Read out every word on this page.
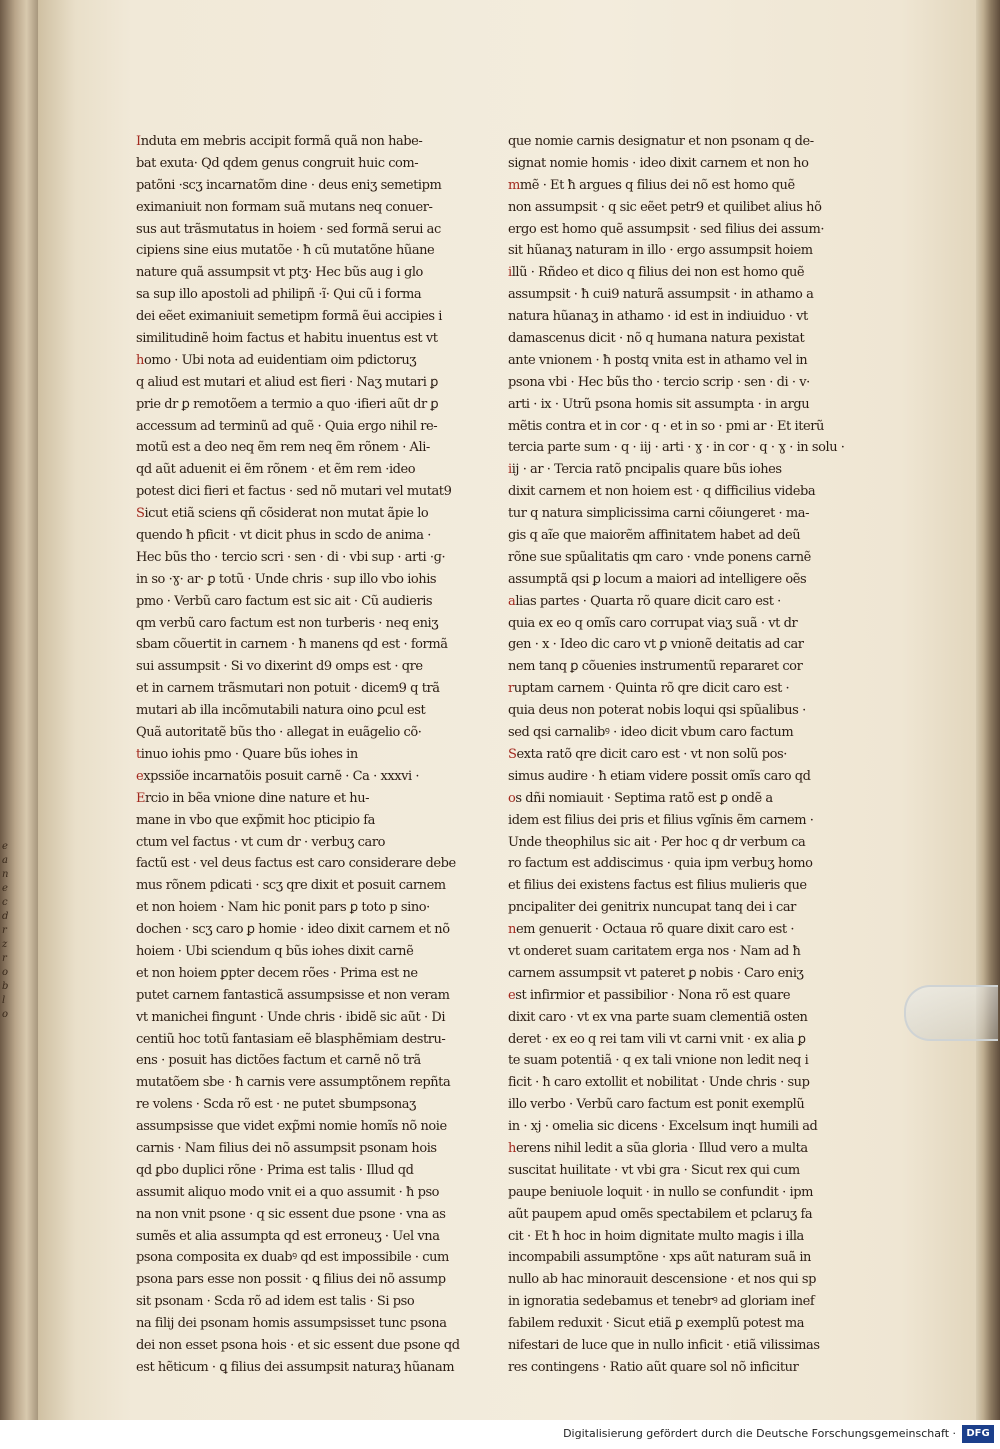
e
a
n
e
c
d
r
z
r
o
b
l
o
Induta em mebris accipit formã quã non habe-
bat exuta· Qd qdem genus congruit huic com-
patõni ·scʒ incarnatõm dine · deus eniʒ semetipm
eximaniuit non formam suã mutans neq conuer-
sus aut trãsmutatus in hoiem · sed formã serui ac
cipiens sine eius mutatõe · ħ cũ mutatõne hũane
nature quã assumpsit vt ptʒ· Hec bũs aug i glo
sa sup illo apostoli ad philipñ ·ĩ· Qui cũ i forma
dei eẽet eximaniuit semetipm formã ẽui accipies i
similitudinẽ hoim factus et habitu inuentus est vt
homo · Ubi nota ad euidentiam oim pdictoruʒ
q aliud est mutari et aliud est fieri · Naʒ mutari ꝑ
prie dr ꝑ remotõem a termio a quo ·ifieri aũt dr ꝑ
accessum ad terminũ ad quẽ · Quia ergo nihil re-
motũ est a deo neq ẽm rem neq ẽm rõnem · Ali-
qd aũt aduenit ei ẽm rõnem · et ẽm rem ·ideo
potest dici fieri et factus · sed nõ mutari vel mutat9
Sicut etiã sciens qñ cõsiderat non mutat ãpie lo
quendo ħ pficit · vt dicit phus in scdo de anima ·
Hec bũs tho · tercio scri · sen · di · vbi sup · arti ·ɡ·
in so ·ɣ· ar· ꝑ totũ · Unde chris · sup illo vbo iohis
pmo · Verbũ caro factum est sic ait · Cũ audieris
qm verbũ caro factum est non turberis · neq eniʒ
sbam cõuertit in carnem · ħ manens qd est · formã
sui assumpsit · Si vo dixerint d9 omps est · qre
et in carnem trãsmutari non potuit · dicem9 q trã
mutari ab illa incõmutabili natura oino ꝑcul est
Quã autoritatẽ bũs tho · allegat in euãgelio cõ·
tinuo iohis pmo · Quare bũs iohes in
expssiõe incarnatõis posuit carnẽ · Ca · xxxvi ·
Ercio in bẽa vnione dine nature et hu-
mane in vbo que exp̃mit hoc pticipio fa
ctum vel factus · vt cum dr · verbuʒ caro
factũ est · vel deus factus est caro considerare debe
mus rõnem pdicati · scʒ qre dixit et posuit carnem
et non hoiem · Nam hic ponit pars ꝑ toto p sino·
dochen · scʒ caro ꝑ homie · ideo dixit carnem et nõ
hoiem · Ubi sciendum q bũs iohes dixit carnẽ
et non hoiem ꝑpter decem rões · Prima est ne
putet carnem fantasticã assumpsisse et non veram
vt manichei fingunt · Unde chris · ibidẽ sic aũt · Di
centiũ hoc totũ fantasiam eẽ blasphẽmiam destru-
ens · posuit has dictões factum et carnẽ nõ trã
mutatõem sbe · ħ carnis vere assumptõnem repñta
re volens · Scda rõ est · ne putet sbumpsonaʒ
assumpsisse que videt exp̃mi nomie homĩs nõ noie
carnis · Nam filius dei nõ assumpsit psonam hois
qd ꝑbo duplici rõne · Prima est talis · Illud qd
assumit aliquo modo vnit ei a quo assumit · ħ pso
na non vnit psone · q sic essent due psone · vna as
sumẽs et alia assumpta qd est erroneuʒ · Uel vna
psona composita ex duabꝰ qd est impossibile · cum
psona pars esse non possit · ꝗ filius dei nõ assump
sit psonam · Scda rõ ad idem est talis · Si pso
na filij dei psonam homis assumpsisset tunc psona
dei non esset psona hois · et sic essent due psone qd
est hẽticum · ꝗ filius dei assumpsit naturaʒ hũanam
que nomie carnis designatur et non psonam q de-
signat nomie homis · ideo dixit carnem et non ho
mmẽ · Et ħ argues q filius dei nõ est homo quẽ
non assumpsit · q sic eẽet petr9 et quilibet alius hõ
ergo est homo quẽ assumpsit · sed filius dei assum·
sit hũanaʒ naturam in illo · ergo assumpsit hoiem
illũ · Rñdeo et dico q filius dei non est homo quẽ
assumpsit · ħ cui9 naturã assumpsit · in athamo a
natura hũanaʒ in athamo · id est in indiuiduo · vt
damascenus dicit · nõ q humana natura pexistat
ante vnionem · ħ postq vnita est in athamo vel in
psona vbi · Hec bũs tho · tercio scrip · sen · di · v·
arti · ix · Utrũ psona homis sit assumpta · in argu
mẽtis contra et in cor · q · et in so · pmi ar · Et iterũ
tercia parte sum · q · iij · arti · ɣ · in cor · q · ɣ · in solu ·
iij · ar · Tercia ratõ pncipalis quare bũs iohes
dixit carnem et non hoiem est · q difficilius videba
tur q natura simplicissima carni cõiungeret · ma-
gis q aĩe que maiorẽm affinitatem habet ad deũ
rõne sue spũalitatis qm caro · vnde ponens carnẽ
assumptã qsi ꝑ locum a maiori ad intelligere oẽs
alias partes · Quarta rõ quare dicit caro est ·
quia ex eo q omĩs caro corrupat viaʒ suã · vt dr
gen · x · Ideo dic caro vt ꝑ vnionẽ deitatis ad car
nem tanq ꝑ cõuenies instrumentũ repararet cor
ruptam carnem · Quinta rõ qre dicit caro est ·
quia deus non poterat nobis loqui qsi spũalibus ·
sed qsi carnalibꝰ · ideo dicit vbum caro factum
Sexta ratõ qre dicit caro est · vt non solũ pos·
simus audire · ħ etiam videre possit omĩs caro qd
os dñi nomiauit · Septima ratõ est ꝑ ondẽ a
idem est filius dei pris et filius vgĩnis ẽm carnem ·
Unde theophilus sic ait · Per hoc q dr verbum ca
ro factum est addiscimus · quia ipm verbuʒ homo
et filius dei existens factus est filius mulieris que
pncipaliter dei genitrix nuncupat tanq dei i car
nem genuerit · Octaua rõ quare dixit caro est ·
vt onderet suam caritatem erga nos · Nam ad ħ
carnem assumpsit vt pateret ꝑ nobis · Caro eniʒ
est infirmior et passibilior · Nona rõ est quare
dixit caro · vt ex vna parte suam clementiã osten
deret · ex eo q rei tam vili vt carni vnit · ex alia ꝑ
te suam potentiã · q ex tali vnione non ledit neq i
ficit · ħ caro extollit et nobilitat · Unde chris · sup
illo verbo · Verbũ caro factum est ponit exemplũ
in · xj · omelia sic dicens · Excelsum inqt humili ad
herens nihil ledit a sũa gloria · Illud vero a multa
suscitat huilitate · vt vbi gra · Sicut rex qui cum
paupe beniuole loquit · in nullo se confundit · ipm
aũt paupem apud omẽs spectabilem et pclaruʒ fa
cit · Et ħ hoc in hoim dignitate multo magis i illa
incompabili assumptõne · xps aũt naturam suã in
nullo ab hac minorauit descensione · et nos qui sp
in ignoratia sedebamus et tenebrꝰ ad gloriam inef
fabilem reduxit · Sicut etiã ꝑ exemplũ potest ma
nifestari de luce que in nullo inficit · etiã vilissimas
res contingens · Ratio aũt quare sol nõ inficitur
Digitalisierung gefördert durch die Deutsche Forschungsgemeinschaft ·	DFG
